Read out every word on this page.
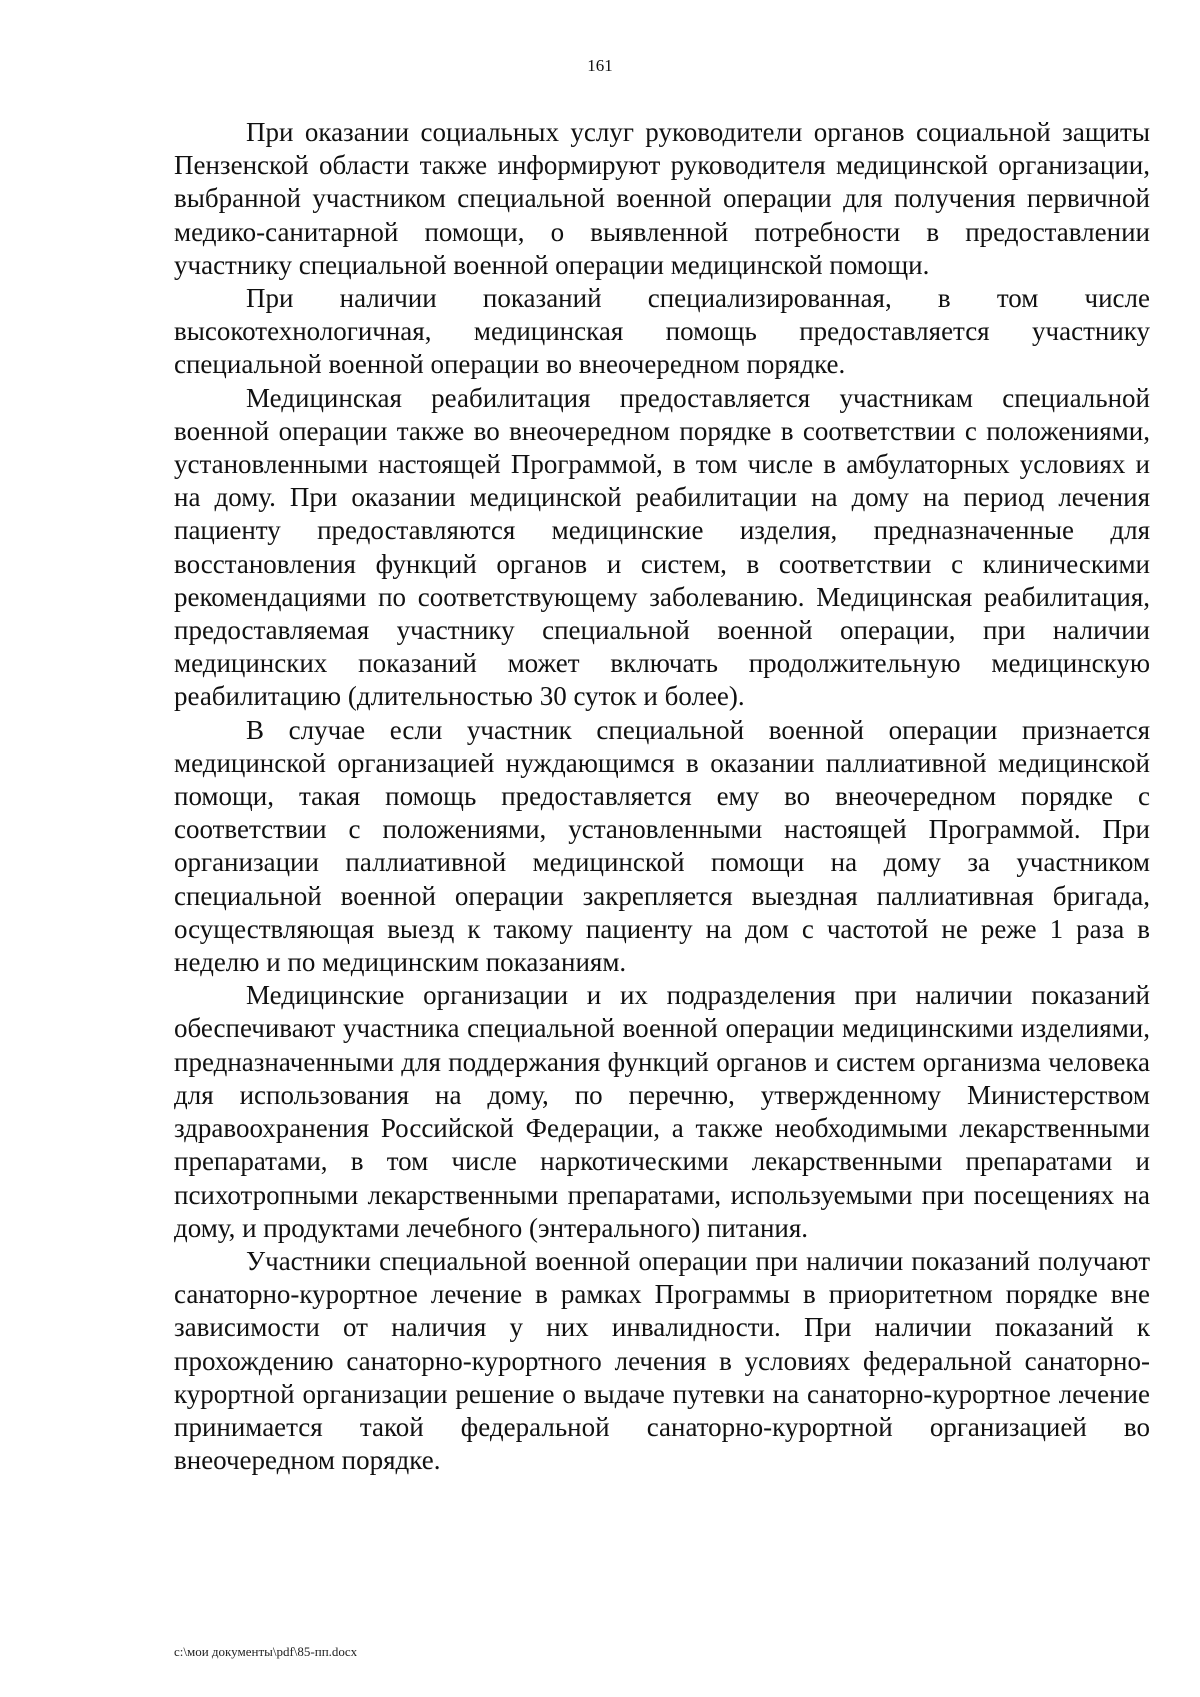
161

При оказании социальных услуг руководители органов социальной защиты Пензенской области также информируют руководителя медицинской организации, выбранной участником специальной военной операции для получения первичной медико-санитарной помощи, о выявленной потребности в предоставлении участнику специальной военной операции медицинской помощи.

При наличии показаний специализированная, в том числе высокотехнологичная, медицинская помощь предоставляется участнику специальной военной операции во внеочередном порядке.

Медицинская реабилитация предоставляется участникам специальной военной операции также во внеочередном порядке в соответствии с положениями, установленными настоящей Программой, в том числе в амбулаторных условиях и на дому. При оказании медицинской реабилитации на дому на период лечения пациенту предоставляются медицинские изделия, предназначенные для восстановления функций органов и систем, в соответствии с клиническими рекомендациями по соответствующему заболеванию. Медицинская реабилитация, предоставляемая участнику специальной военной операции, при наличии медицинских показаний может включать продолжительную медицинскую реабилитацию (длительностью 30 суток и более).

В случае если участник специальной военной операции признается медицинской организацией нуждающимся в оказании паллиативной медицинской помощи, такая помощь предоставляется ему во внеочередном порядке с соответствии с положениями, установленными настоящей Программой. При организации паллиативной медицинской помощи на дому за участником специальной военной операции закрепляется выездная паллиативная бригада, осуществляющая выезд к такому пациенту на дом с частотой не реже 1 раза в неделю и по медицинским показаниям.

Медицинские организации и их подразделения при наличии показаний обеспечивают участника специальной военной операции медицинскими изделиями, предназначенными для поддержания функций органов и систем организма человека для использования на дому, по перечню, утвержденному Министерством здравоохранения Российской Федерации, а также необходимыми лекарственными препаратами, в том числе наркотическими лекарственными препаратами и психотропными лекарственными препаратами, используемыми при посещениях на дому, и продуктами лечебного (энтерального) питания.

Участники специальной военной операции при наличии показаний получают санаторно-курортное лечение в рамках Программы в приоритетном порядке вне зависимости от наличия у них инвалидности. При наличии показаний к прохождению санаторно-курортного лечения в условиях федеральной санаторно-курортной организации решение о выдаче путевки на санаторно-курортное лечение принимается такой федеральной санаторно-курортной организацией во внеочередном порядке.

c:\мои документы\pdf\85-пп.docx
